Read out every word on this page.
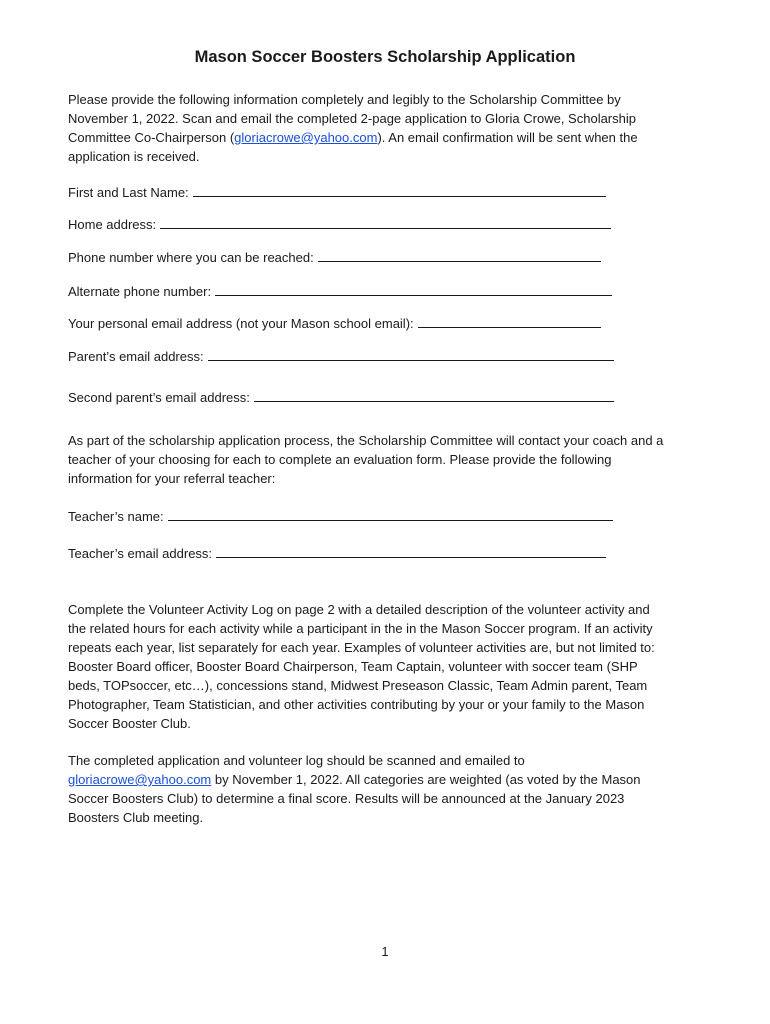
Mason Soccer Boosters Scholarship Application
Please provide the following information completely and legibly to the Scholarship Committee by
November 1, 2022. Scan and email the completed 2-page application to Gloria Crowe, Scholarship
Committee Co-Chairperson (gloriacrowe@yahoo.com). An email confirmation will be sent when the
application is received.
First and Last Name:
Home address:
Phone number where you can be reached:
Alternate phone number:
Your personal email address (not your Mason school email):
Parent’s email address:
Second parent’s email address:
As part of the scholarship application process, the Scholarship Committee will contact your coach and a
teacher of your choosing for each to complete an evaluation form. Please provide the following
information for your referral teacher:
Teacher’s name:
Teacher’s email address:
Complete the Volunteer Activity Log on page 2 with a detailed description of the volunteer activity and
the related hours for each activity while a participant in the in the Mason Soccer program. If an activity
repeats each year, list separately for each year. Examples of volunteer activities are, but not limited to:
Booster Board officer, Booster Board Chairperson, Team Captain, volunteer with soccer team (SHP
beds, TOPsoccer, etc…), concessions stand, Midwest Preseason Classic, Team Admin parent, Team
Photographer, Team Statistician, and other activities contributing by your or your family to the Mason
Soccer Booster Club.
The completed application and volunteer log should be scanned and emailed to
gloriacrowe@yahoo.com by November 1, 2022. All categories are weighted (as voted by the Mason
Soccer Boosters Club) to determine a final score. Results will be announced at the January 2023
Boosters Club meeting.
1
